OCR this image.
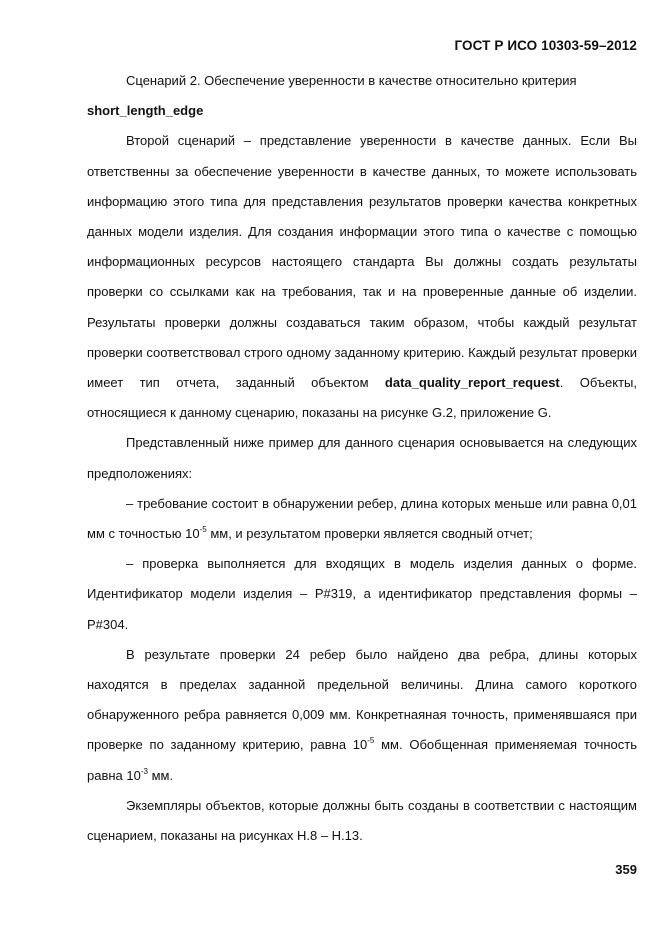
ГОСТ Р ИСО 10303-59–2012

Сценарий 2. Обеспечение уверенности в качестве относительно критерия
short_length_edge

Второй сценарий – представление уверенности в качестве данных. Если Вы ответственны за обеспечение уверенности в качестве данных, то можете использовать информацию этого типа для представления результатов проверки качества конкретных данных модели изделия. Для создания информации этого типа о качестве с помощью информационных ресурсов настоящего стандарта Вы должны создать результаты проверки со ссылками как на требования, так и на проверенные данные об изделии. Результаты проверки должны создаваться таким образом, чтобы каждый результат проверки соответствовал строго одному заданному критерию. Каждый результат проверки имеет тип отчета, заданный объектом data_quality_report_request. Объекты, относящиеся к данному сценарию, показаны на рисунке G.2, приложение G.

Представленный ниже пример для данного сценария основывается на следующих предположениях:

– требование состоит в обнаружении ребер, длина которых меньше или равна 0,01 мм с точностью $10^{-5}$ мм, и результатом проверки является сводный отчет;

– проверка выполняется для входящих в модель изделия данных о форме. Идентификатор модели изделия – P#319, а идентификатор представления формы – P#304.

В результате проверки 24 ребер было найдено два ребра, длины которых находятся в пределах заданной предельной величины. Длина самого короткого обнаруженного ребра равняется 0,009 мм. Конкретнаяная точность, применявшаяся при проверке по заданному критерию, равна $10^{-5}$ мм. Обобщенная применяемая точность равна $10^{-3}$ мм.

Экземпляры объектов, которые должны быть созданы в соответствии с настоящим сценарием, показаны на рисунках H.8 – H.13.

359
